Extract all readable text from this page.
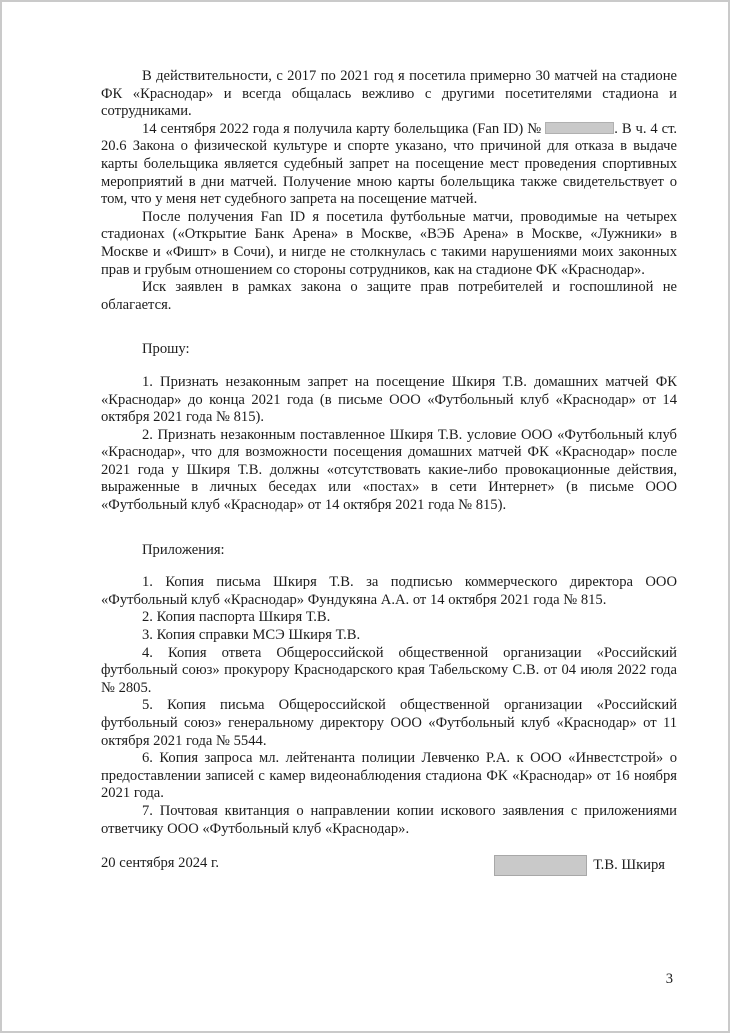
В действительности, с 2017 по 2021 год я посетила примерно 30 матчей на стадионе ФК «Краснодар» и всегда общалась вежливо с другими посетителями стадиона и сотрудниками.

14 сентября 2022 года я получила карту болельщика (Fan ID) №	. В ч. 4 ст. 20.6 Закона о физической культуре и спорте указано, что причиной для отказа в выдаче карты болельщика является судебный запрет на посещение мест проведения спортивных мероприятий в дни матчей. Получение мною карты болельщика также свидетельствует о том, что у меня нет судебного запрета на посещение матчей.

После получения Fan ID я посетила футбольные матчи, проводимые на четырех стадионах («Открытие Банк Арена» в Москве, «ВЭБ Арена» в Москве, «Лужники» в Москве и «Фишт» в Сочи), и нигде не столкнулась с такими нарушениями моих законных прав и грубым отношением со стороны сотрудников, как на стадионе ФК «Краснодар».

Иск заявлен в рамках закона о защите прав потребителей и госпошлиной не облагается.

Прошу:

1. Признать незаконным запрет на посещение Шкиря Т.В. домашних матчей ФК «Краснодар» до конца 2021 года (в письме ООО «Футбольный клуб «Краснодар» от 14 октября 2021 года № 815).

2. Признать незаконным поставленное Шкиря Т.В. условие ООО «Футбольный клуб «Краснодар», что для возможности посещения домашних матчей ФК «Краснодар» после 2021 года у Шкиря Т.В. должны «отсутствовать какие-либо провокационные действия, выраженные в личных беседах или «постах» в сети Интернет» (в письме ООО «Футбольный клуб «Краснодар» от 14 октября 2021 года № 815).

Приложения:

1. Копия письма Шкиря Т.В. за подписью коммерческого директора ООО «Футбольный клуб «Краснодар» Фундукяна А.А. от 14 октября 2021 года № 815.

2. Копия паспорта Шкиря Т.В.

3. Копия справки МСЭ Шкиря Т.В.

4. Копия ответа Общероссийской общественной организации «Российский футбольный союз» прокурору Краснодарского края Табельскому С.В. от 04 июля 2022 года № 2805.

5. Копия письма Общероссийской общественной организации «Российский футбольный союз» генеральному директору ООО «Футбольный клуб «Краснодар» от 11 октября 2021 года № 5544.

6. Копия запроса мл. лейтенанта полиции Левченко Р.А. к ООО «Инвестстрой» о предоставлении записей с камер видеонаблюдения стадиона ФК «Краснодар» от 16 ноября 2021 года.

7. Почтовая квитанция о направлении копии искового заявления с приложениями ответчику ООО «Футбольный клуб «Краснодар».

20 сентября 2024 г.	Т.В. Шкиря
3
